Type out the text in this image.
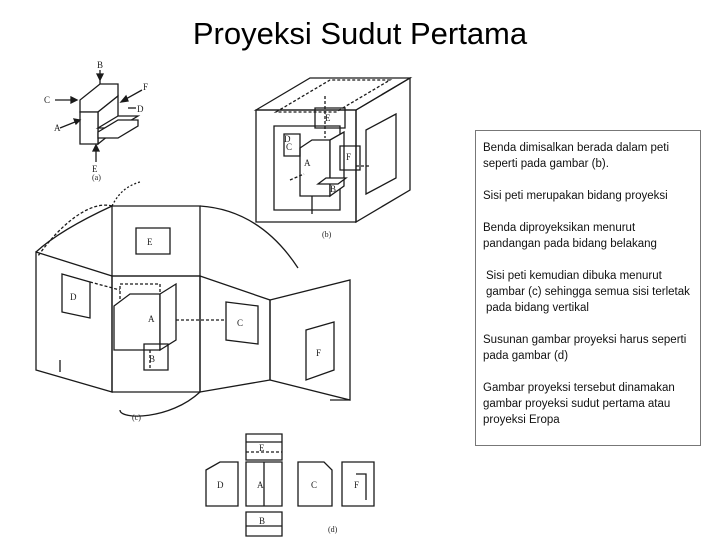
Proyeksi Sudut Pertama
B
C
F
D
A
E
(a)
E
D
C
A
B
F
(b)
E
D
A	C
B
F
(c)
E
D	A	C	F
B
(d)

Benda dimisalkan berada dalam peti seperti pada gambar (b).

Sisi peti merupakan bidang proyeksi

Benda diproyeksikan menurut pandangan pada bidang belakang

Sisi peti kemudian dibuka menurut gambar (c) sehingga semua sisi terletak pada bidang vertikal

Susunan gambar proyeksi harus seperti pada gambar (d)

Gambar proyeksi tersebut dinamakan gambar proyeksi sudut pertama atau proyeksi Eropa
